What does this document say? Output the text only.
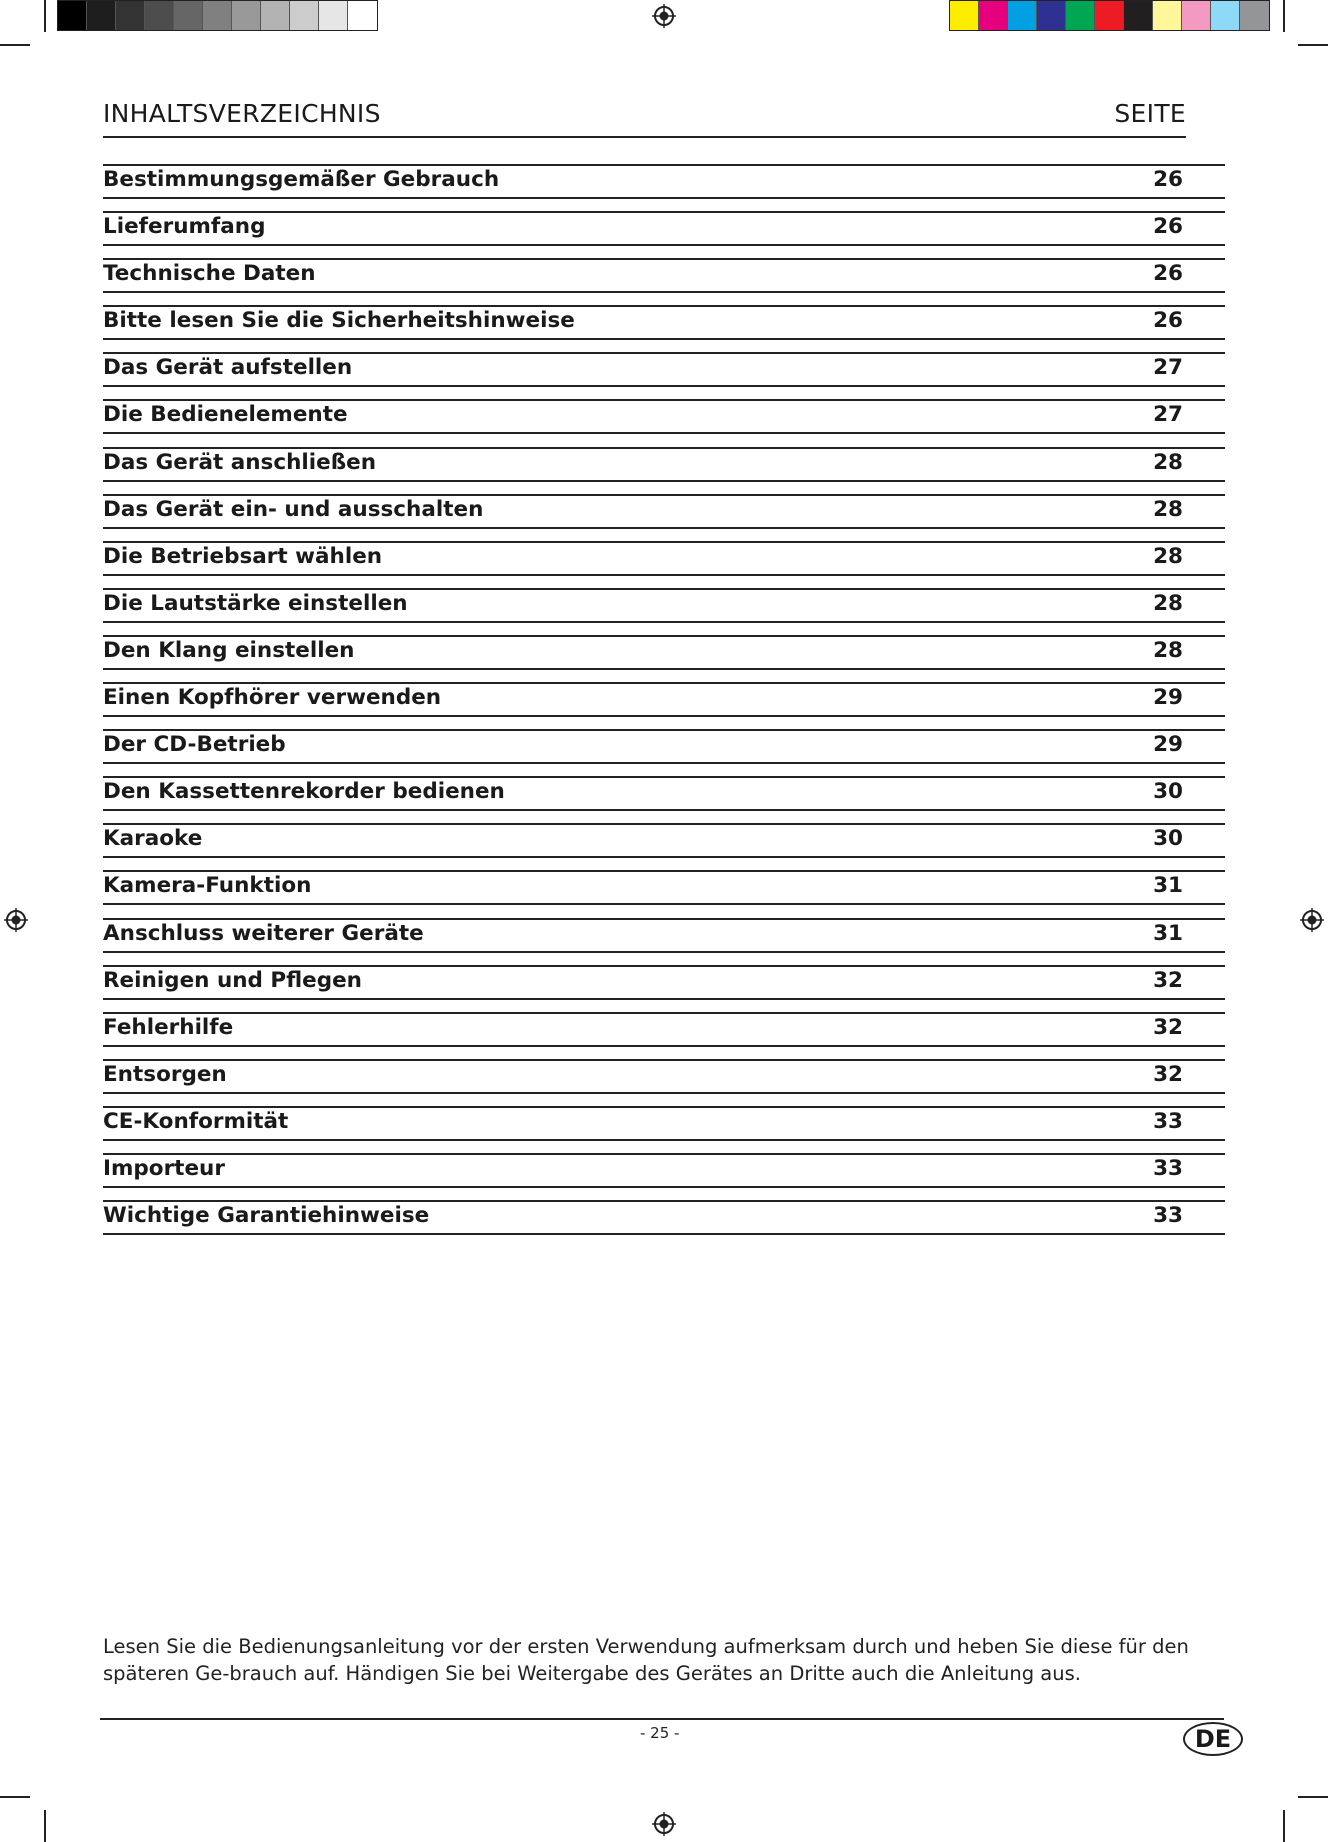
INHALTSVERZEICHNIS	SEITE
Bestimmungsgemäßer Gebrauch	26
Lieferumfang	26
Technische Daten	26
Bitte lesen Sie die Sicherheitshinweise	26
Das Gerät aufstellen	27
Die Bedienelemente	27
Das Gerät anschließen	28
Das Gerät ein- und ausschalten	28
Die Betriebsart wählen	28
Die Lautstärke einstellen	28
Den Klang einstellen	28
Einen Kopfhörer verwenden	29
Der CD-Betrieb	29
Den Kassettenrekorder bedienen	30
Karaoke	30
Kamera-Funktion	31
Anschluss weiterer Geräte	31
Reinigen und Pflegen	32
Fehlerhilfe	32
Entsorgen	32
CE-Konformität	33
Importeur	33
Wichtige Garantiehinweise	33
Lesen Sie die Bedienungsanleitung vor der ersten Verwendung aufmerksam durch und heben Sie diese für den späteren Ge-brauch auf. Händigen Sie bei Weitergabe des Gerätes an Dritte auch die Anleitung aus.
- 25 -	DE
